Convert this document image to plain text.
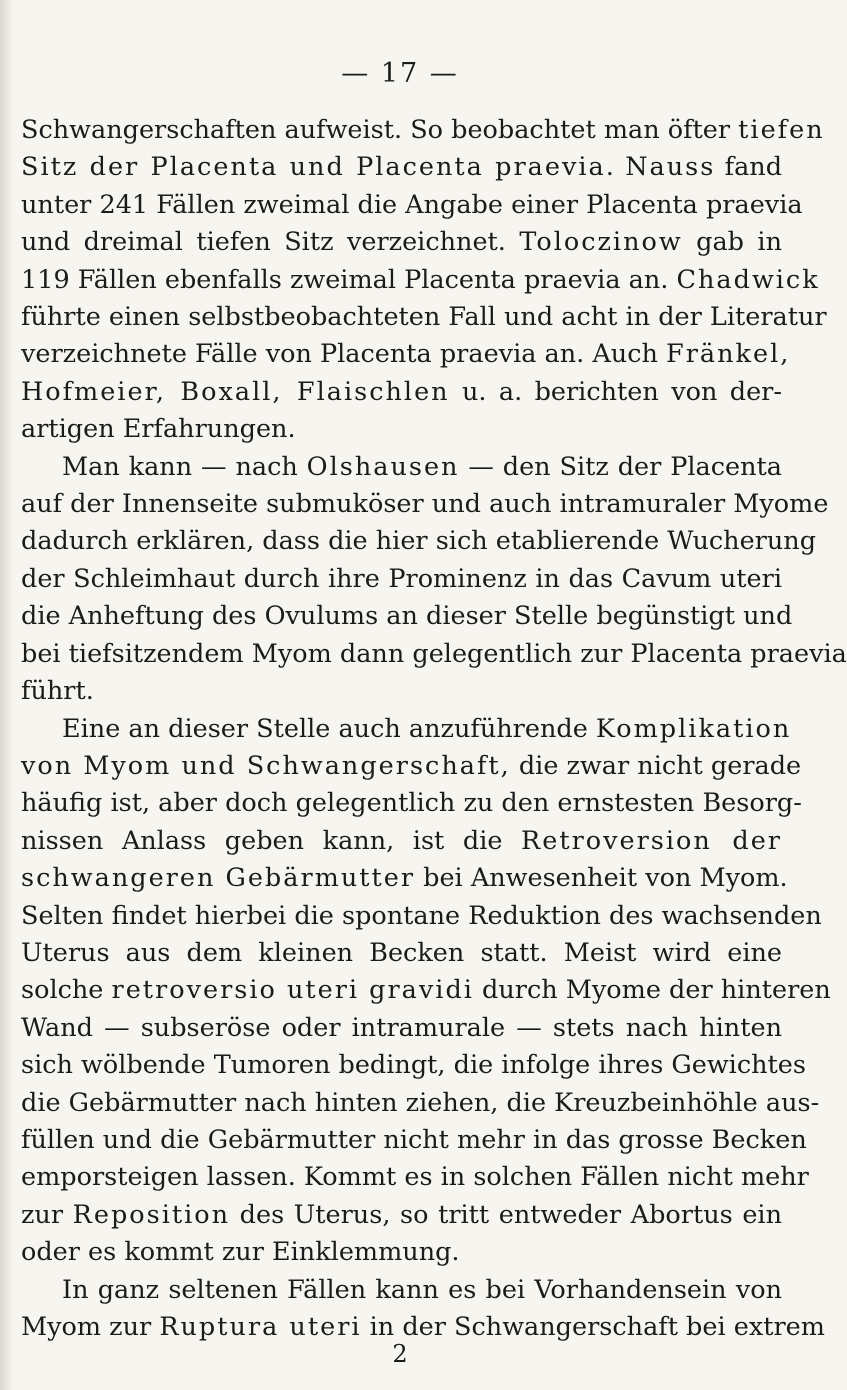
— 17 —
Schwangerschaften aufweist. So beobachtet man öfter tiefen
Sitz der Placenta und Placenta praevia. Nauss fand
unter 241 Fällen zweimal die Angabe einer Placenta praevia
und dreimal tiefen Sitz verzeichnet. Toloczinow gab in
119 Fällen ebenfalls zweimal Placenta praevia an. Chadwick
führte einen selbstbeobachteten Fall und acht in der Literatur
verzeichnete Fälle von Placenta praevia an. Auch Fränkel,
Hofmeier, Boxall, Flaischlen u. a. berichten von der-
artigen Erfahrungen.
Man kann — nach Olshausen — den Sitz der Placenta
auf der Innenseite submuköser und auch intramuraler Myome
dadurch erklären, dass die hier sich etablierende Wucherung
der Schleimhaut durch ihre Prominenz in das Cavum uteri
die Anheftung des Ovulums an dieser Stelle begünstigt und
bei tiefsitzendem Myom dann gelegentlich zur Placenta praevia
führt.
Eine an dieser Stelle auch anzuführende Komplikation
von Myom und Schwangerschaft, die zwar nicht gerade
häufig ist, aber doch gelegentlich zu den ernstesten Besorg-
nissen Anlass geben kann, ist die Retroversion der
schwangeren Gebärmutter bei Anwesenheit von Myom.
Selten findet hierbei die spontane Reduktion des wachsenden
Uterus aus dem kleinen Becken statt. Meist wird eine
solche retroversio uteri gravidi durch Myome der hinteren
Wand — subseröse oder intramurale — stets nach hinten
sich wölbende Tumoren bedingt, die infolge ihres Gewichtes
die Gebärmutter nach hinten ziehen, die Kreuzbeinhöhle aus-
füllen und die Gebärmutter nicht mehr in das grosse Becken
emporsteigen lassen. Kommt es in solchen Fällen nicht mehr
zur Reposition des Uterus, so tritt entweder Abortus ein
oder es kommt zur Einklemmung.
In ganz seltenen Fällen kann es bei Vorhandensein von
Myom zur Ruptura uteri in der Schwangerschaft bei extrem
2
